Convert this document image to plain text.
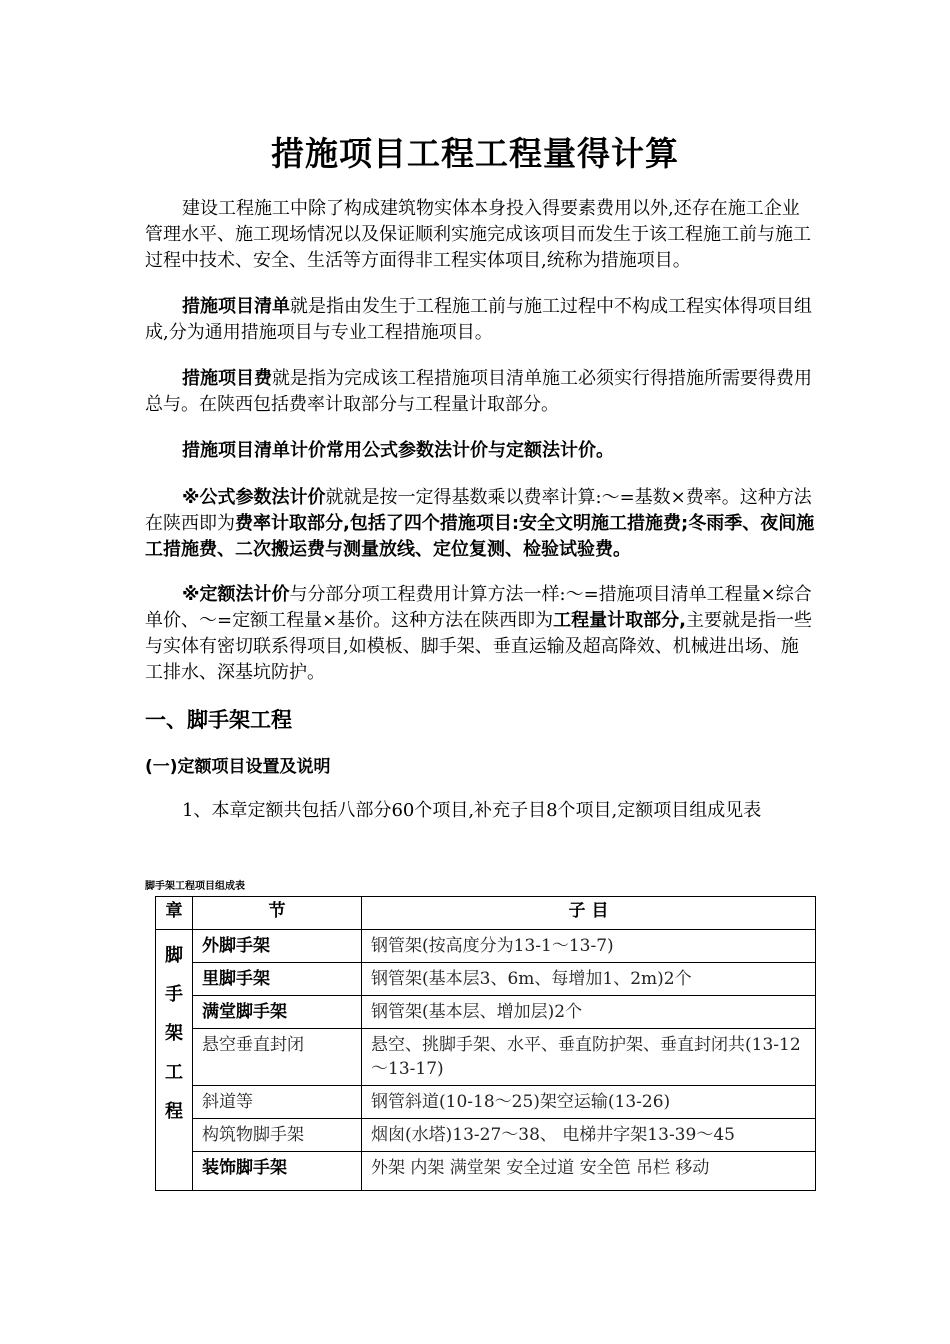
措施项目工程工程量得计算
建设工程施工中除了构成建筑物实体本身投入得要素费用以外,还存在施工企业管理水平、施工现场情况以及保证顺利实施完成该项目而发生于该工程施工前与施工过程中技术、安全、生活等方面得非工程实体项目,统称为措施项目。
措施项目清单就是指由发生于工程施工前与施工过程中不构成工程实体得项目组成,分为通用措施项目与专业工程措施项目。
措施项目费就是指为完成该工程措施项目清单施工必须实行得措施所需要得费用总与。在陕西包括费率计取部分与工程量计取部分。
措施项目清单计价常用公式参数法计价与定额法计价。
※公式参数法计价就就是按一定得基数乘以费率计算:～=基数×费率。这种方法在陕西即为费率计取部分,包括了四个措施项目:安全文明施工措施费;冬雨季、夜间施工措施费、二次搬运费与测量放线、定位复测、检验试验费。
※定额法计价与分部分项工程费用计算方法一样:～=措施项目清单工程量×综合单价、～=定额工程量×基价。这种方法在陕西即为工程量计取部分,主要就是指一些与实体有密切联系得项目,如模板、脚手架、垂直运输及超高降效、机械进出场、施工排水、深基坑防护。
一、脚手架工程
(一)定额项目设置及说明
1、本章定额共包括八部分60个项目,补充子目8个项目,定额项目组成见表
脚手架工程项目组成表
章	节	子 目

脚
手
架
工
程	外脚手架	钢管架(按高度分为13-1～13-7)
	里脚手架	钢管架(基本层3、6m、每增加1、2m)2个
	满堂脚手架	钢管架(基本层、增加层)2个
	悬空垂直封闭	悬空、挑脚手架、水平、垂直防护架、垂直封闭共(13-12～13-17)
	斜道等	钢管斜道(10-18～25)架空运输(13-26)
	构筑物脚手架	烟囱(水塔)13-27～38、 电梯井字架13-39～45
	装饰脚手架	外架 内架 满堂架 安全过道 安全笆 吊栏 移动
